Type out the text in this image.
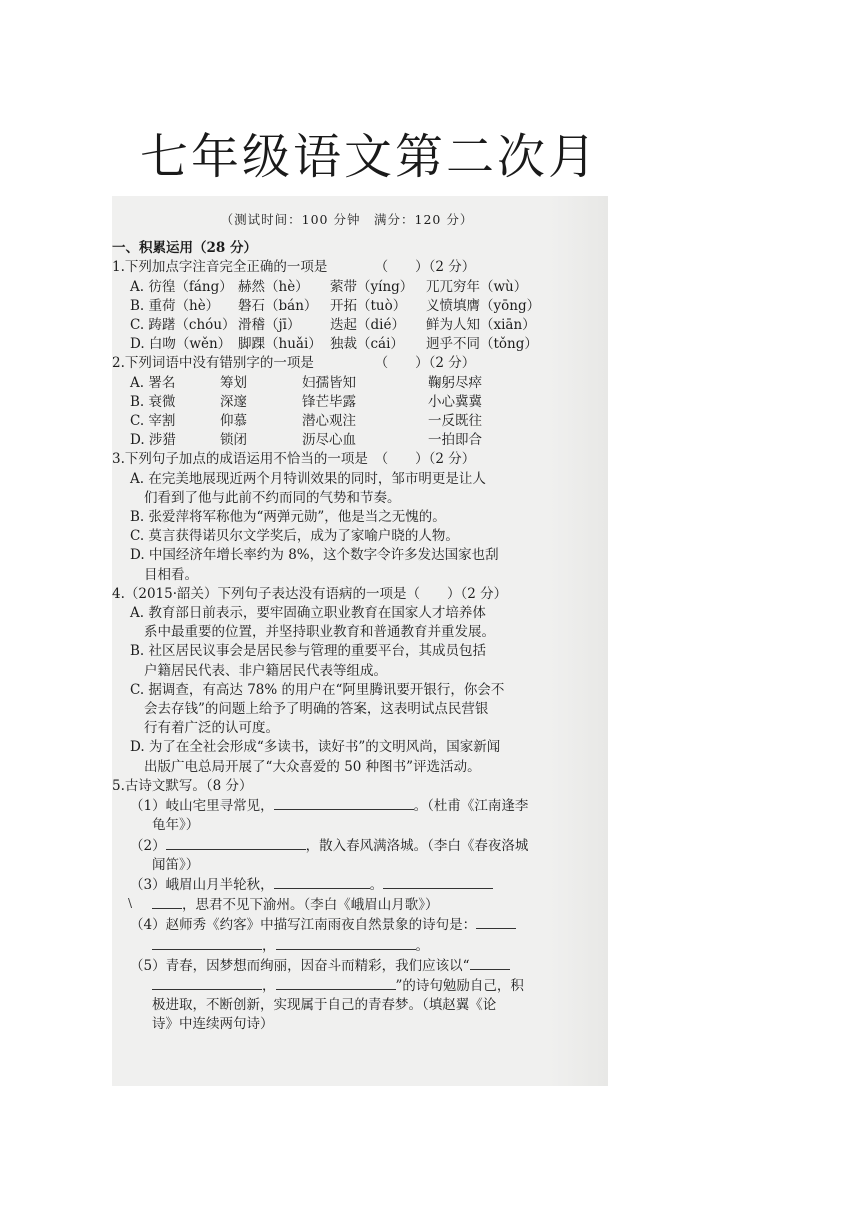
七年级语文第二次月
（测试时间：100 分钟　满分：120 分）
一、积累运用（28 分）
1.下列加点字注音完全正确的一项是　　　　（　　）（2 分）
A. 彷徨（fáng） 赫然（hè）	萦带（yíng） 兀兀穷年（wù）
B. 重荷（hè）	磐石（bán） 开拓（tuò）	义愤填膺（yōng）
C. 踌躇（chóu） 滑稽（jī）	迭起（dié）	鲜为人知（xiān）
D. 白吻（wěn） 脚踝（huǎi） 独裁（cái）	迥乎不同（tǒng）
2.下列词语中没有错别字的一项是　　　　　（　　）（2 分）
A. 署名	筹划	妇孺皆知	鞠躬尽瘁
B. 衰微	深邃	锋芒毕露	小心冀冀
C. 宰割	仰慕	潜心观注	一反既往
D. 涉猎	锁闭	沥尽心血	一拍即合
3.下列句子加点的成语运用不恰当的一项是　（　　）（2 分）
A. 在完美地展现近两个月特训效果的同时，邹市明更是让人
们看到了他与此前不约而同的气势和节奏。
B. 张爱萍将军称他为“两弹元勋”，他是当之无愧的。
C. 莫言获得诺贝尔文学奖后，成为了家喻户晓的人物。
D. 中国经济年增长率约为 8%，这个数字令许多发达国家也刮
目相看。
4.（2015·韶关）下列句子表达没有语病的一项是（　　）（2 分）
A. 教育部日前表示，要牢固确立职业教育在国家人才培养体
系中最重要的位置，并坚持职业教育和普通教育并重发展。
B. 社区居民议事会是居民参与管理的重要平台，其成员包括
户籍居民代表、非户籍居民代表等组成。
C. 据调查，有高达 78% 的用户在“阿里腾讯要开银行，你会不
会去存钱”的问题上给予了明确的答案，这表明试点民营银
行有着广泛的认可度。
D. 为了在全社会形成“多读书，读好书”的文明风尚，国家新闻
出版广电总局开展了“大众喜爱的 50 种图书”评选活动。
5.古诗文默写。（8 分）
（1）岐山宅里寻常见，	。（杜甫《江南逢李
龟年》）
（2）	，散入春风满洛城。（李白《春夜洛城
闻笛》）
（3）峨眉山月半轮秋，	。
，思君不见下渝州。（李白《峨眉山月歌》）
（4）赵师秀《约客》中描写江南雨夜自然景象的诗句是：
，	。
（5）青春，因梦想而绚丽，因奋斗而精彩，我们应该以“
，	”的诗句勉励自己，积
极进取，不断创新，实现属于自己的青春梦。（填赵翼《论
诗》中连续两句诗）
\
